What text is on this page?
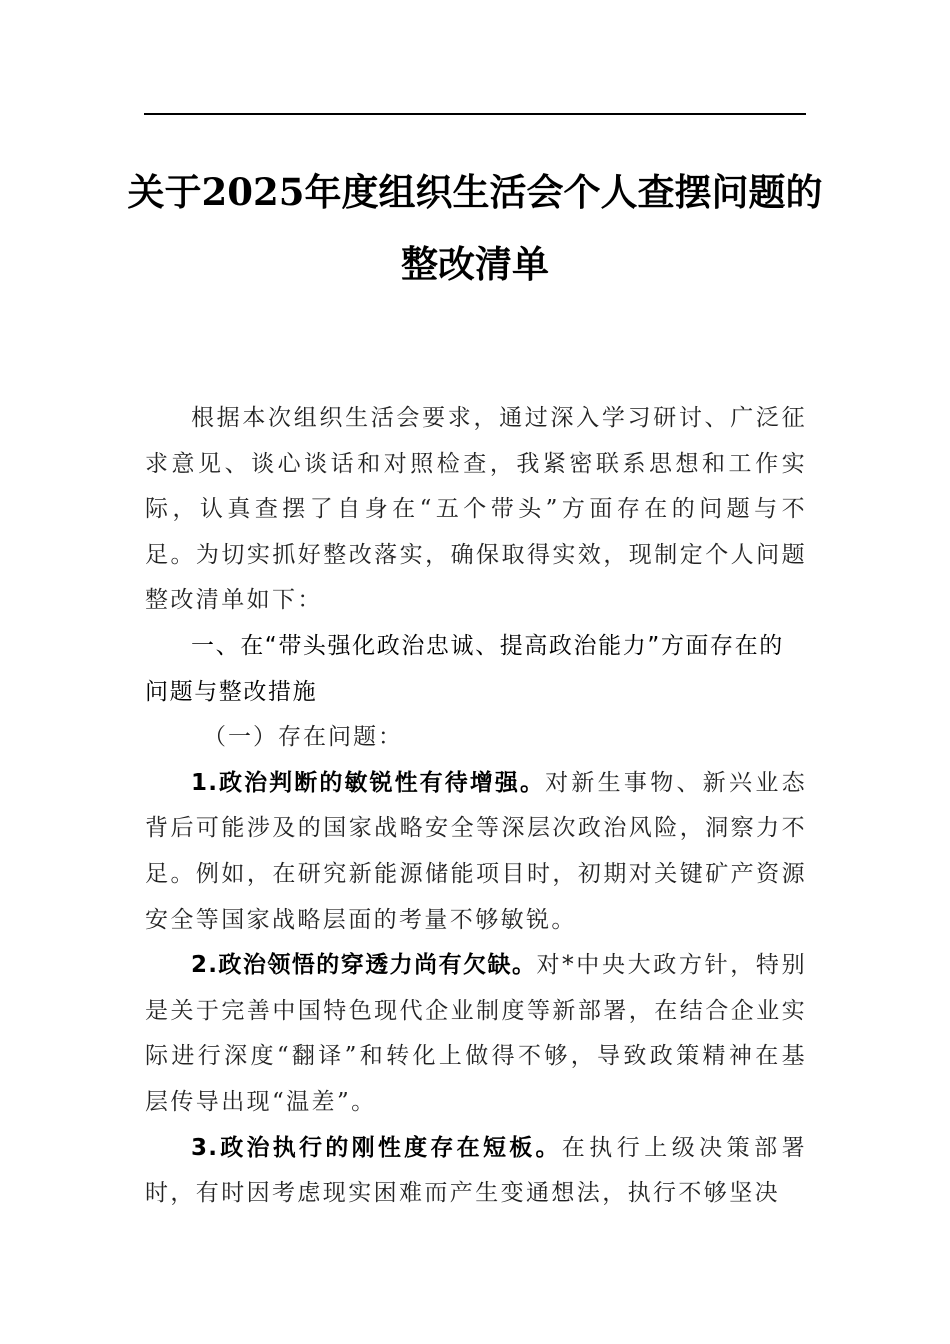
关于2025年度组织生活会个人查摆问题的
整改清单

根据本次组织生活会要求，通过深入学习研讨、广泛征求意见、谈心谈话和对照检查，我紧密联系思想和工作实际，认真查摆了自身在“五个带头”方面存在的问题与不足。为切实抓好整改落实，确保取得实效，现制定个人问题整改清单如下：

一、在“带头强化政治忠诚、提高政治能力”方面存在的问题与整改措施

（一）存在问题：

1.政治判断的敏锐性有待增强。对新生事物、新兴业态背后可能涉及的国家战略安全等深层次政治风险，洞察力不足。例如，在研究新能源储能项目时，初期对关键矿产资源安全等国家战略层面的考量不够敏锐。

2.政治领悟的穿透力尚有欠缺。对*中央大政方针，特别是关于完善中国特色现代企业制度等新部署，在结合企业实际进行深度“翻译”和转化上做得不够，导致政策精神在基层传导出现“温差”。

3.政治执行的刚性度存在短板。在执行上级决策部署时，有时因考虑现实困难而产生变通想法，执行不够坚决
